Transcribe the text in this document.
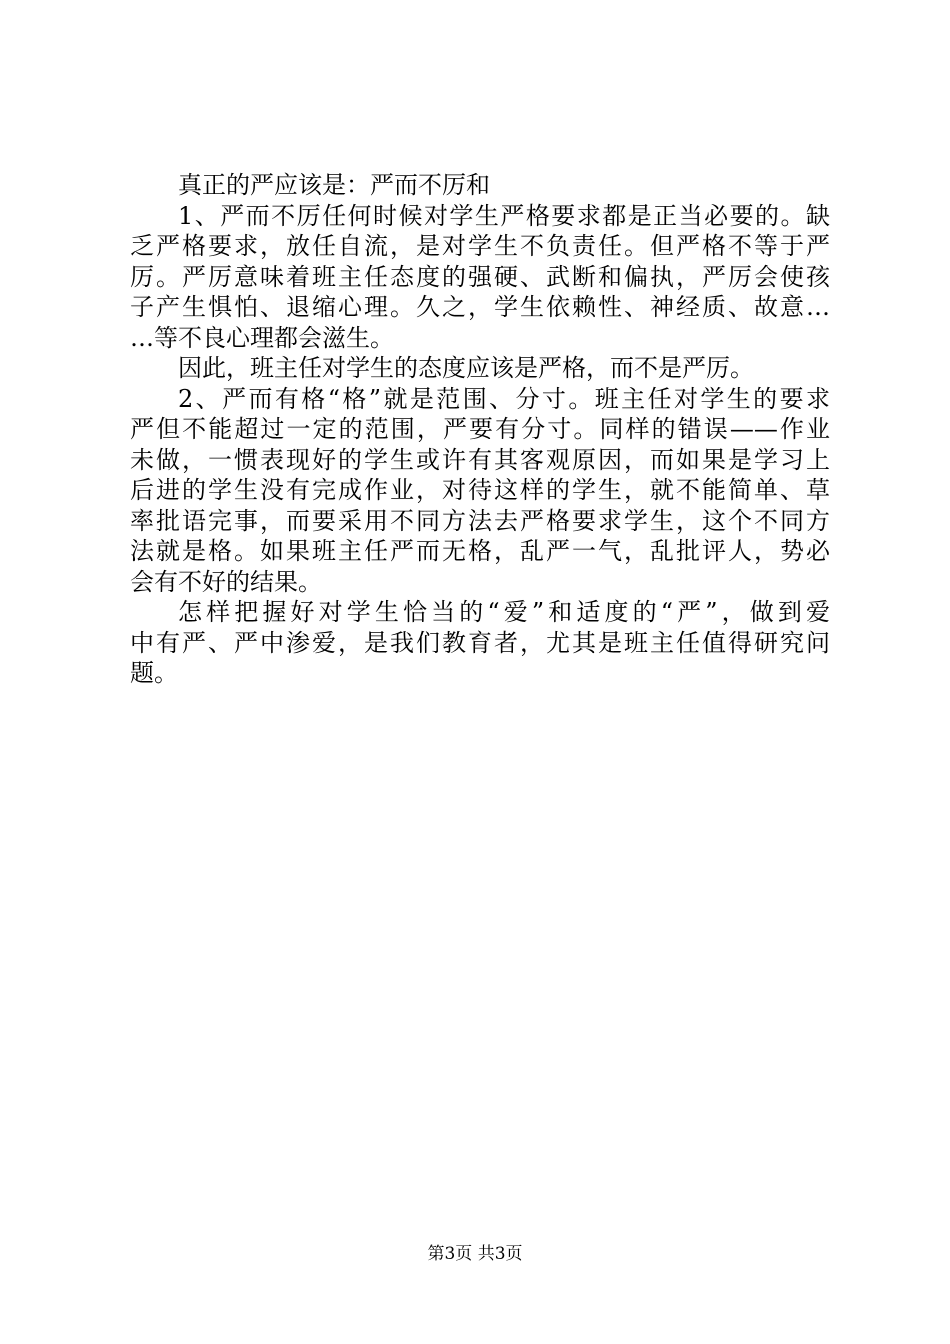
真正的严应该是：严而不厉和
1、严而不厉任何时候对学生严格要求都是正当必要的。缺
乏严格要求，放任自流，是对学生不负责任。但严格不等于严
厉。严厉意味着班主任态度的强硬、武断和偏执，严厉会使孩
子产生惧怕、退缩心理。久之，学生依赖性、神经质、故意…
…等不良心理都会滋生。
因此，班主任对学生的态度应该是严格，而不是严厉。
2、严而有格“格”就是范围、分寸。班主任对学生的要求
严但不能超过一定的范围，严要有分寸。同样的错误——作业
未做，一惯表现好的学生或许有其客观原因，而如果是学习上
后进的学生没有完成作业，对待这样的学生，就不能简单、草
率批语完事，而要采用不同方法去严格要求学生，这个不同方
法就是格。如果班主任严而无格，乱严一气，乱批评人，势必
会有不好的结果。
怎样把握好对学生恰当的“爱”和适度的“严”，做到爱
中有严、严中渗爱，是我们教育者，尤其是班主任值得研究问
题。
第3页 共3页
